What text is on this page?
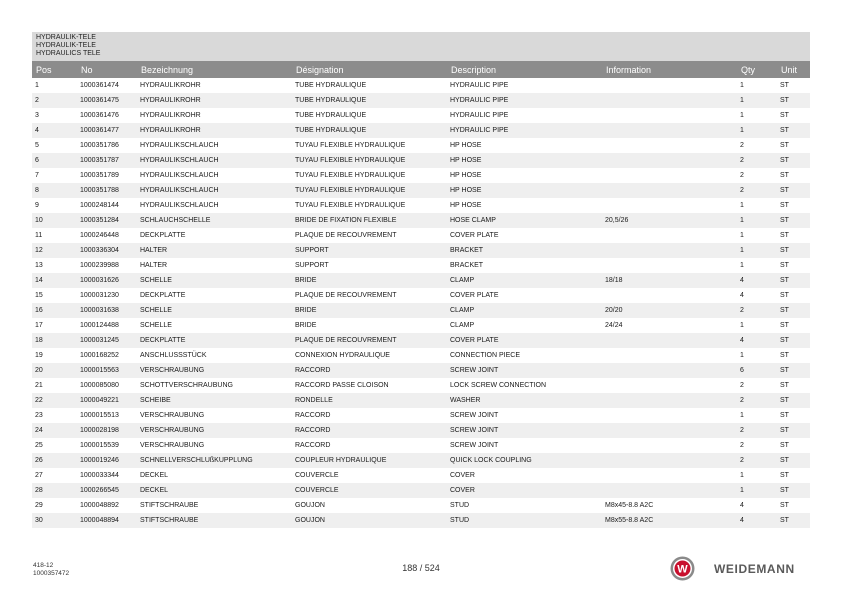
HYDRAULIK-TELE
HYDRAULIK-TELE
HYDRAULICS TELE
Pos	No	Bezeichnung	Désignation	Description	Information	Qty	Unit
1	1000361474	HYDRAULIKROHR	TUBE HYDRAULIQUE	HYDRAULIC PIPE		1	ST
2	1000361475	HYDRAULIKROHR	TUBE HYDRAULIQUE	HYDRAULIC PIPE		1	ST
3	1000361476	HYDRAULIKROHR	TUBE HYDRAULIQUE	HYDRAULIC PIPE		1	ST
4	1000361477	HYDRAULIKROHR	TUBE HYDRAULIQUE	HYDRAULIC PIPE		1	ST
5	1000351786	HYDRAULIKSCHLAUCH	TUYAU FLEXIBLE HYDRAULIQUE	HP HOSE		2	ST
6	1000351787	HYDRAULIKSCHLAUCH	TUYAU FLEXIBLE HYDRAULIQUE	HP HOSE		2	ST
7	1000351789	HYDRAULIKSCHLAUCH	TUYAU FLEXIBLE HYDRAULIQUE	HP HOSE		2	ST
8	1000351788	HYDRAULIKSCHLAUCH	TUYAU FLEXIBLE HYDRAULIQUE	HP HOSE		2	ST
9	1000248144	HYDRAULIKSCHLAUCH	TUYAU FLEXIBLE HYDRAULIQUE	HP HOSE		1	ST
10	1000351284	SCHLAUCHSCHELLE	BRIDE DE FIXATION FLEXIBLE	HOSE CLAMP	20,5/26	1	ST
11	1000246448	DECKPLATTE	PLAQUE DE RECOUVREMENT	COVER PLATE		1	ST
12	1000336304	HALTER	SUPPORT	BRACKET		1	ST
13	1000239988	HALTER	SUPPORT	BRACKET		1	ST
14	1000031626	SCHELLE	BRIDE	CLAMP	18/18	4	ST
15	1000031230	DECKPLATTE	PLAQUE DE RECOUVREMENT	COVER PLATE		4	ST
16	1000031638	SCHELLE	BRIDE	CLAMP	20/20	2	ST
17	1000124488	SCHELLE	BRIDE	CLAMP	24/24	1	ST
18	1000031245	DECKPLATTE	PLAQUE DE RECOUVREMENT	COVER PLATE		4	ST
19	1000168252	ANSCHLUSSSTÜCK	CONNEXION HYDRAULIQUE	CONNECTION PIECE		1	ST
20	1000015563	VERSCHRAUBUNG	RACCORD	SCREW JOINT		6	ST
21	1000085080	SCHOTTVERSCHRAUBUNG	RACCORD PASSE CLOISON	LOCK SCREW CONNECTION		2	ST
22	1000049221	SCHEIBE	RONDELLE	WASHER		2	ST
23	1000015513	VERSCHRAUBUNG	RACCORD	SCREW JOINT		1	ST
24	1000028198	VERSCHRAUBUNG	RACCORD	SCREW JOINT		2	ST
25	1000015539	VERSCHRAUBUNG	RACCORD	SCREW JOINT		2	ST
26	1000019246	SCHNELLVERSCHLUßKUPPLUNG	COUPLEUR HYDRAULIQUE	QUICK LOCK COUPLING		2	ST
27	1000033344	DECKEL	COUVERCLE	COVER		1	ST
28	1000266545	DECKEL	COUVERCLE	COVER		1	ST
29	1000048892	STIFTSCHRAUBE	GOUJON	STUD	M8x45-8.8 A2C	4	ST
30	1000048894	STIFTSCHRAUBE	GOUJON	STUD	M8x55-8.8 A2C	4	ST
418-12
1000357472
188 / 524	W WEIDEMANN
